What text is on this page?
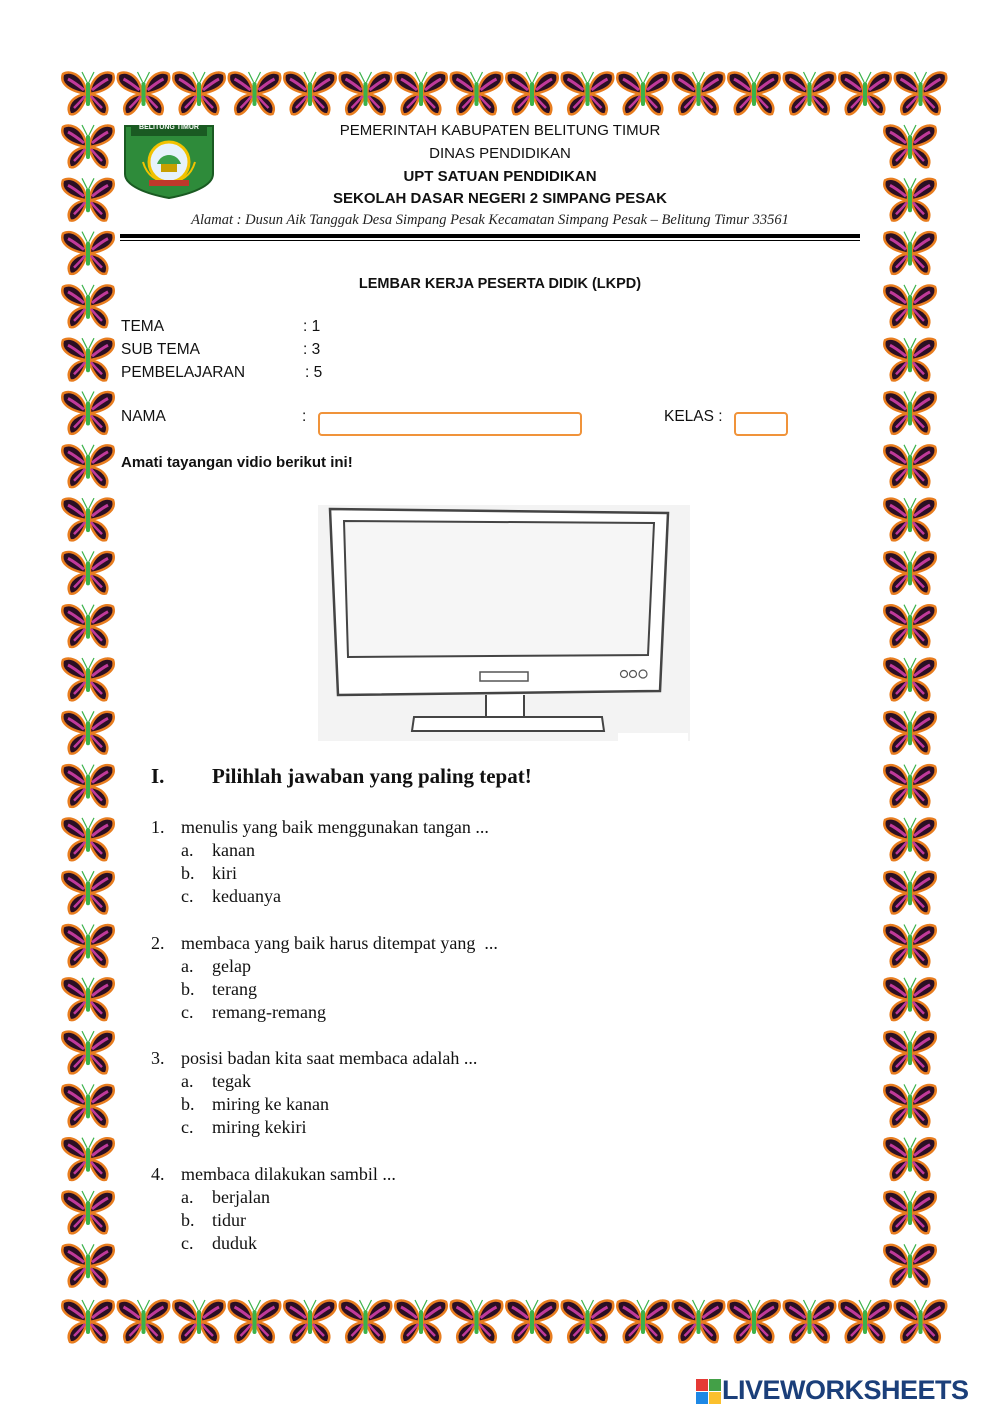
BELITUNG TIMUR	PEMERINTAH KABUPATEN BELITUNG TIMUR
DINAS PENDIDIKAN
UPT SATUAN PENDIDIKAN
SEKOLAH DASAR NEGERI 2 SIMPANG PESAK
Alamat : Dusun Aik Tanggak Desa Simpang Pesak Kecamatan Simpang Pesak – Belitung Timur 33561
LEMBAR KERJA PESERTA DIDIK (LKPD)
TEMA	: 1
SUB TEMA	: 3
PEMBELAJARAN	: 5
NAMA	:	KELAS :
Amati tayangan vidio berikut ini!
I. Pilihlah jawaban yang paling tepat!
1. menulis yang baik menggunakan tangan ...
a. kanan
b. kiri
c. keduanya
2. membaca yang baik harus ditempat yang  ...
a. gelap
b. terang
c. remang-remang
3. posisi badan kita saat membaca adalah ...
a. tegak
b. miring ke kanan
c. miring kekiri
4. membaca dilakukan sambil ...
a. berjalan
b. tidur
c. duduk
LIVEWORKSHEETS
